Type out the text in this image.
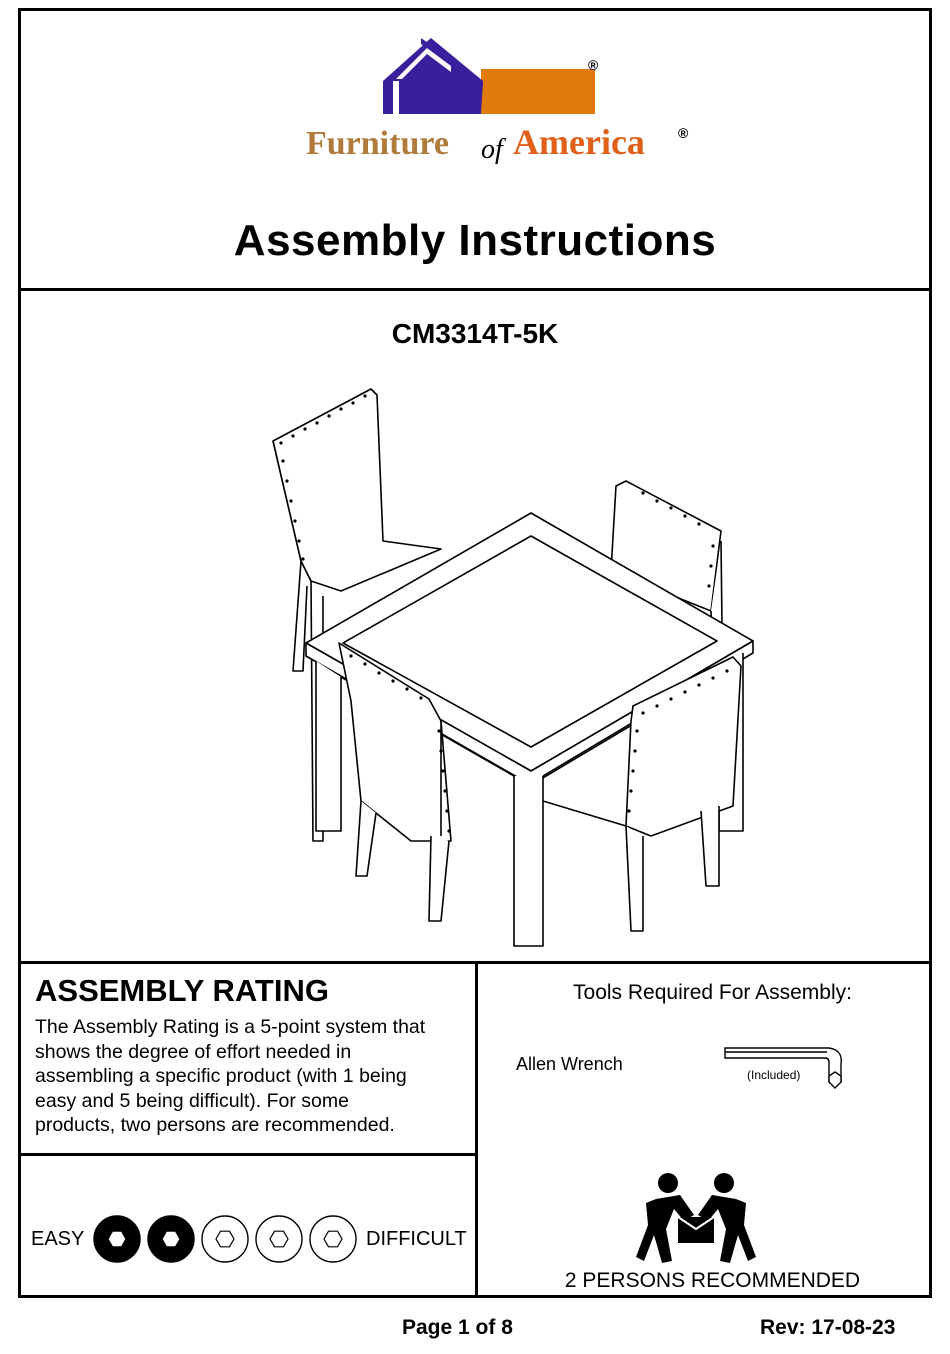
®
Furniture of America ®
Assembly Instructions
CM3314T-5K
ASSEMBLY RATING
The Assembly Rating is a 5-point system that
shows the degree of effort needed in
assembling a specific product (with 1 being
easy and 5 being difficult). For some
products, two persons are recommended.
EASY	DIFFICULT
Tools Required For Assembly:
Allen Wrench
(Included)
2 PERSONS RECOMMENDED
Page 1 of 8	Rev: 17-08-23
